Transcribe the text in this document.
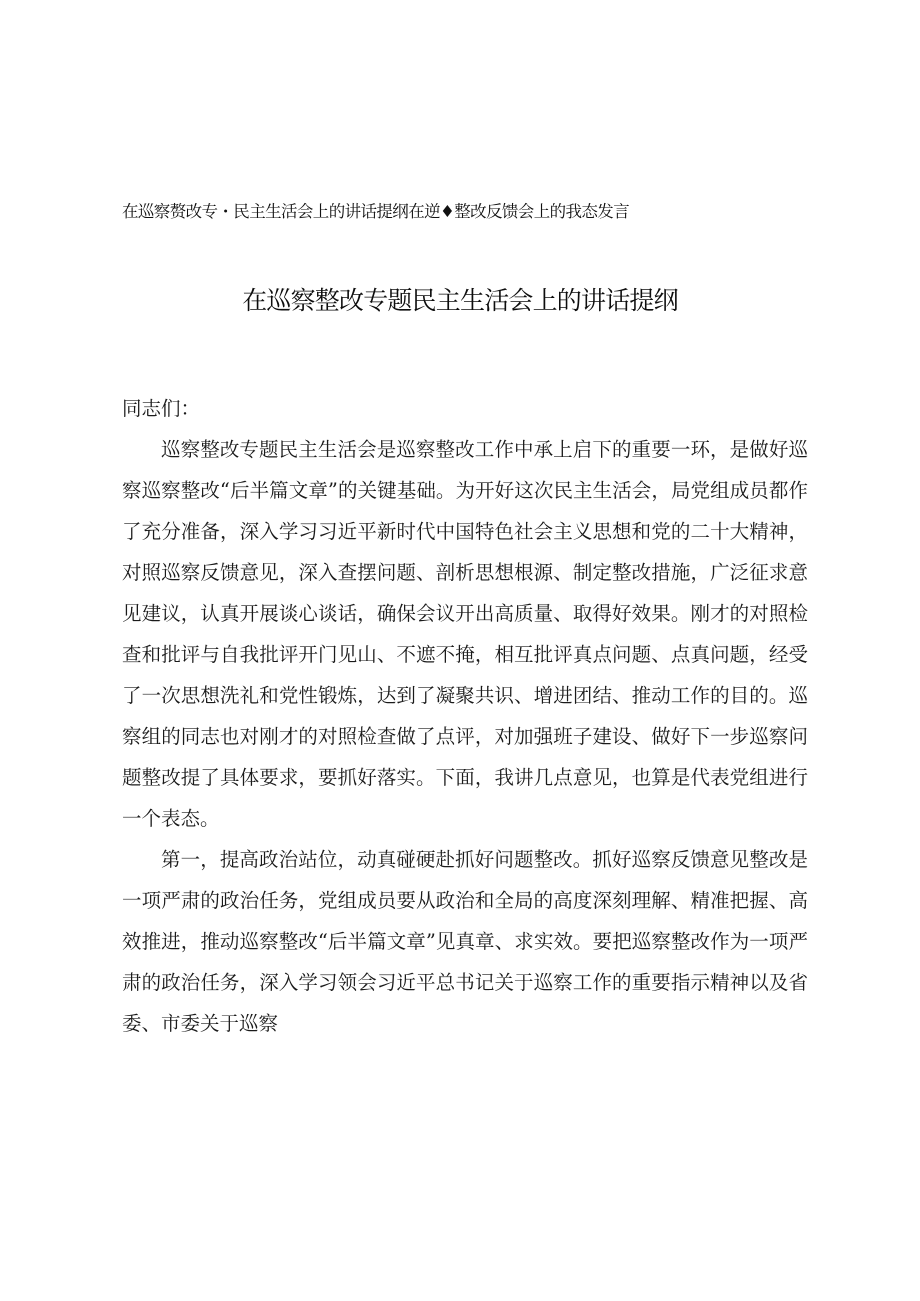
在巡察赘改专・民主生活会上的讲话提纲在逆♦整改反馈会上的我态发言
在巡察整改专题民主生活会上的讲话提纲

同志们：

巡察整改专题民主生活会是巡察整改工作中承上启下的重要一环，是做好巡察巡察整改“后半篇文章”的关键基础。为开好这次民主生活会，局党组成员都作了充分准备，深入学习习近平新时代中国特色社会主义思想和党的二十大精神，对照巡察反馈意见，深入查摆问题、剖析思想根源、制定整改措施，广泛征求意见建议，认真开展谈心谈话，确保会议开出高质量、取得好效果。刚才的对照检查和批评与自我批评开门见山、不遮不掩，相互批评真点问题、点真问题，经受了一次思想洗礼和党性锻炼，达到了凝聚共识、增进团结、推动工作的目的。巡察组的同志也对刚才的对照检查做了点评，对加强班子建设、做好下一步巡察问题整改提了具体要求，要抓好落实。下面，我讲几点意见，也算是代表党组进行一个表态。

第一，提高政治站位，动真碰硬赴抓好问题整改。抓好巡察反馈意见整改是一项严肃的政治任务，党组成员要从政治和全局的高度深刻理解、精准把握、高效推进，推动巡察整改“后半篇文章”见真章、求实效。要把巡察整改作为一项严肃的政治任务，深入学习领会习近平总书记关于巡察工作的重要指示精神以及省委、市委关于巡察
